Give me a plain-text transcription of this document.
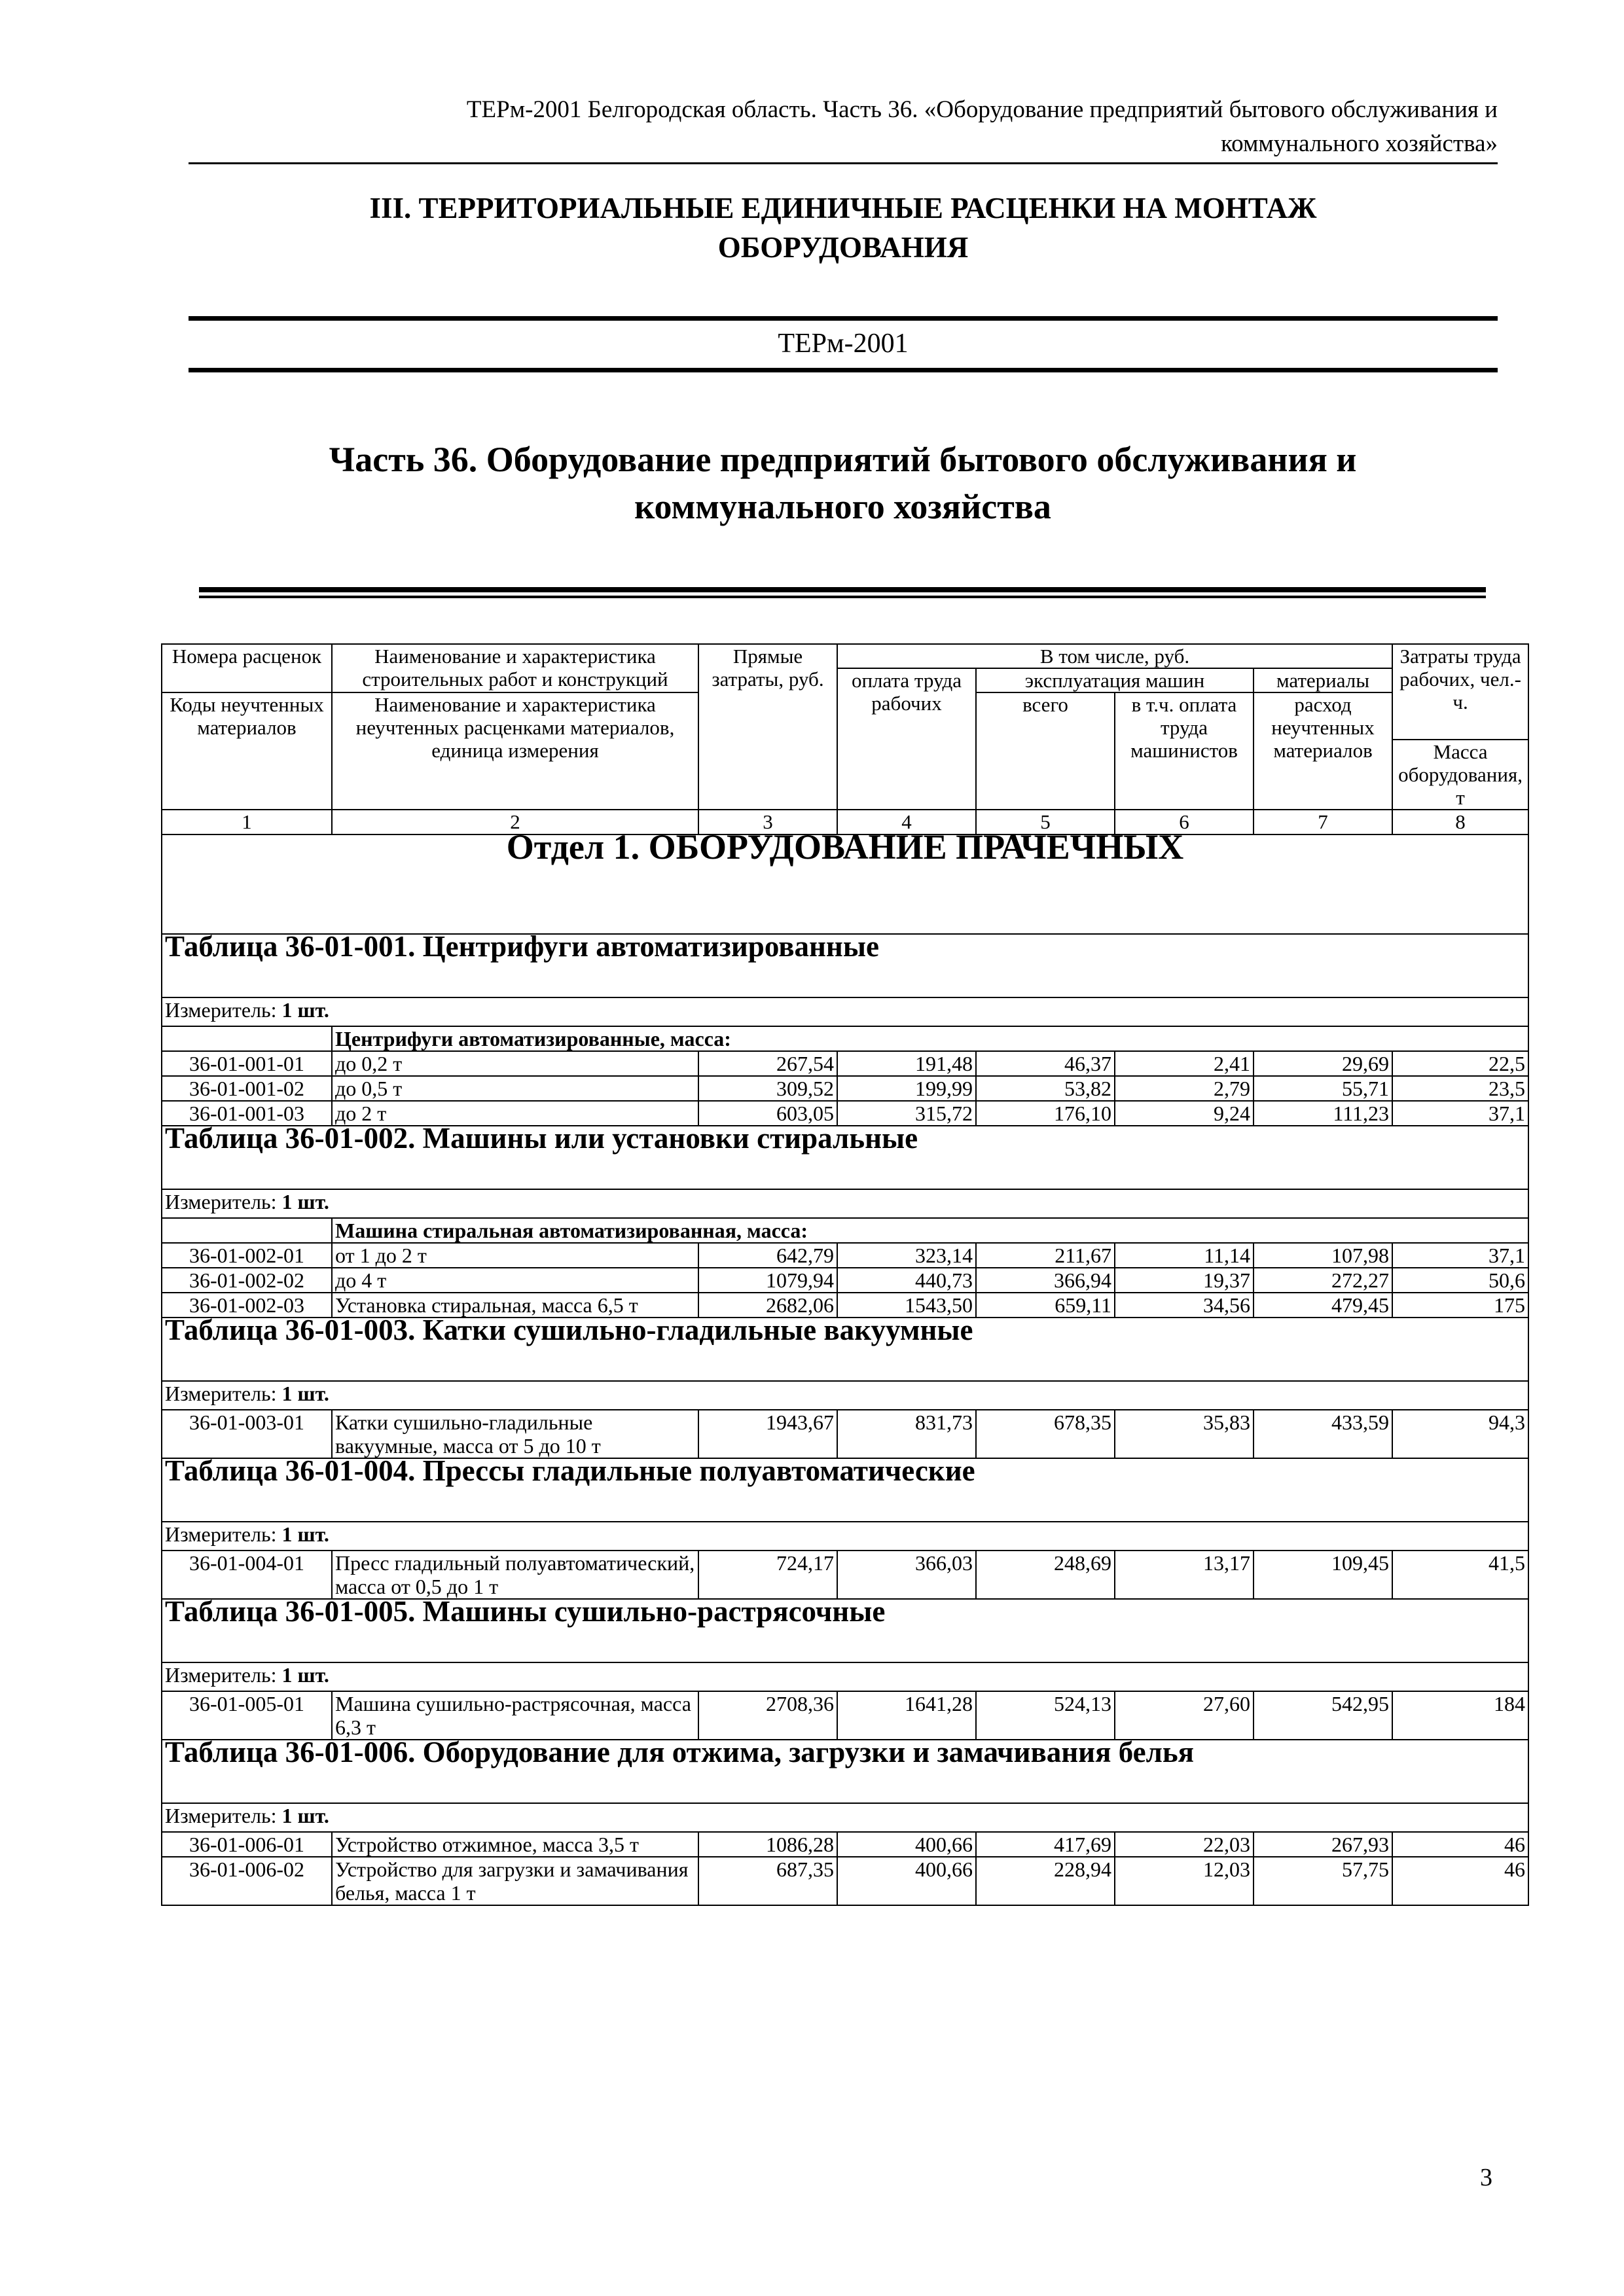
ТЕРм-2001 Белгородская область. Часть 36. «Оборудование предприятий бытового обслуживания и
коммунального хозяйства»
III. ТЕРРИТОРИАЛЬНЫЕ ЕДИНИЧНЫЕ РАСЦЕНКИ НА МОНТАЖ
ОБОРУДОВАНИЯ
ТЕРм-2001
Часть 36. Оборудование предприятий бытового обслуживания и
коммунального хозяйства
Номера расценок	Наименование и характеристика строительных работ и конструкций	Прямые затраты, руб.	В том числе, руб.				Затраты труда рабочих, чел.-ч.
			оплата труда рабочих	эксплуатация машин		материалы	
Коды неучтенных материалов	Наименование и характеристика неучтенных расценками материалов, единица измерения			всего	в т.ч. оплата труда машинистов	расход неучтенных материалов	
							Масса оборудования, т
1	2	3	4	5	6	7	8
Отдел 1. ОБОРУДОВАНИЕ ПРАЧЕЧНЫХ							
Таблица 36-01-001. Центрифуги автоматизированные							
Измеритель: 1 шт.							
	Центрифуги автоматизированные, масса:						
36-01-001-01	до 0,2 т	267,54	191,48	46,37	2,41	29,69	22,5
36-01-001-02	до 0,5 т	309,52	199,99	53,82	2,79	55,71	23,5
36-01-001-03	до 2 т	603,05	315,72	176,10	9,24	111,23	37,1
Таблица 36-01-002. Машины или установки стиральные							
Измеритель: 1 шт.							
	Машина стиральная автоматизированная, масса:						
36-01-002-01	от 1 до 2 т	642,79	323,14	211,67	11,14	107,98	37,1
36-01-002-02	до 4 т	1079,94	440,73	366,94	19,37	272,27	50,6
36-01-002-03	Установка стиральная, масса 6,5 т	2682,06	1543,50	659,11	34,56	479,45	175
Таблица 36-01-003. Катки сушильно-гладильные вакуумные							
Измеритель: 1 шт.							
36-01-003-01	Катки сушильно-гладильные вакуумные, масса от 5 до 10 т	1943,67	831,73	678,35	35,83	433,59	94,3
Таблица 36-01-004. Прессы гладильные полуавтоматические							
Измеритель: 1 шт.							
36-01-004-01	Пресс гладильный полуавтоматический, масса от 0,5 до 1 т	724,17	366,03	248,69	13,17	109,45	41,5
Таблица 36-01-005. Машины сушильно-растрясочные							
Измеритель: 1 шт.							
36-01-005-01	Машина сушильно-растрясочная, масса 6,3 т	2708,36	1641,28	524,13	27,60	542,95	184
Таблица 36-01-006. Оборудование для отжима, загрузки и замачивания белья							
Измеритель: 1 шт.							
36-01-006-01	Устройство отжимное, масса 3,5 т	1086,28	400,66	417,69	22,03	267,93	46
36-01-006-02	Устройство для загрузки и замачивания белья, масса 1 т	687,35	400,66	228,94	12,03	57,75	46
3
